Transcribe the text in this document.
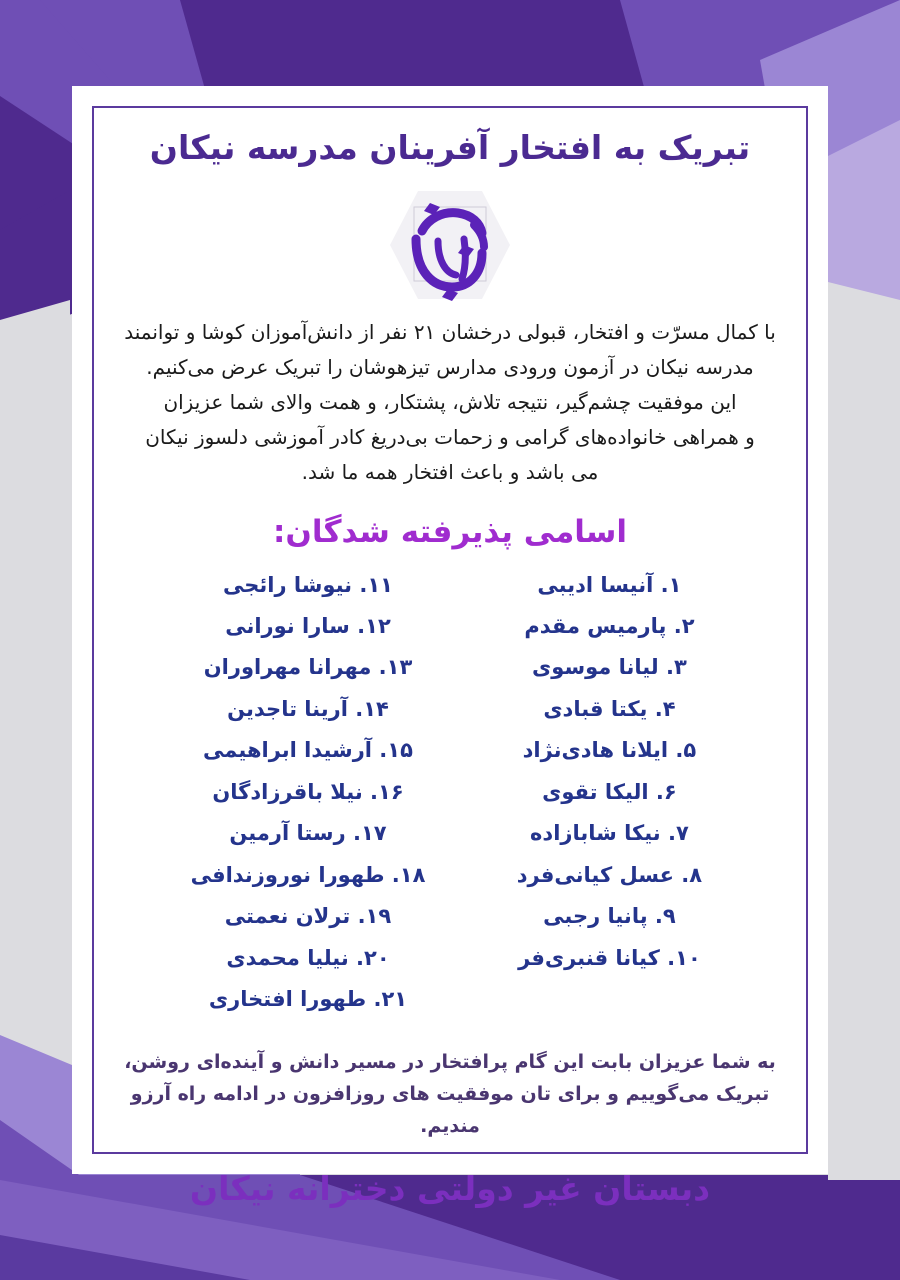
تبریک به افتخار آفرینان مدرسه نیکان

با کمال مسرّت و افتخار، قبولی درخشان ۲۱ نفر از دانش‌آموزان کوشا و توانمند

مدرسه نیکان در آزمون ورودی مدارس تیزهوشان را تبریک عرض می‌کنیم.

این موفقیت چشم‌گیر، نتیجه تلاش، پشتکار، و همت والای شما عزیزان

و همراهی خانواده‌های گرامی و زحمات بی‌دریغ کادر آموزشی دلسوز نیکان

می باشد و باعث افتخار همه ما شد.

اسامی پذیرفته شدگان:
۱. آنیسا ادیبی
۲. پارمیس مقدم
۳. لیانا موسوی
۴. یکتا قبادی
۵. ایلانا هادی‌نژاد
۶. الیکا تقوی
۷. نیکا شابازاده
۸. عسل کیانی‌فرد
۹. پانیا رجبی
۱۰. کیانا قنبری‌فر
۱۱. نیوشا رائجی
۱۲. سارا نورانی
۱۳. مهرانا مهراوران
۱۴. آرینا تاجدین
۱۵. آرشیدا ابراهیمی
۱۶. نیلا باقرزادگان
۱۷. رستا آرمین
۱۸. طهورا نوروزندافی
۱۹. ترلان نعمتی
۲۰. نیلیا محمدی
۲۱. طهورا افتخاری

به شما عزیزان بابت این گام پرافتخار در مسیر دانش و آینده‌ای روشن،

تبریک می‌گوییم و برای تان موفقیت های روزافزون در ادامه راه آرزو مندیم.

دبستان غیر دولتی دخترانه نیکان
